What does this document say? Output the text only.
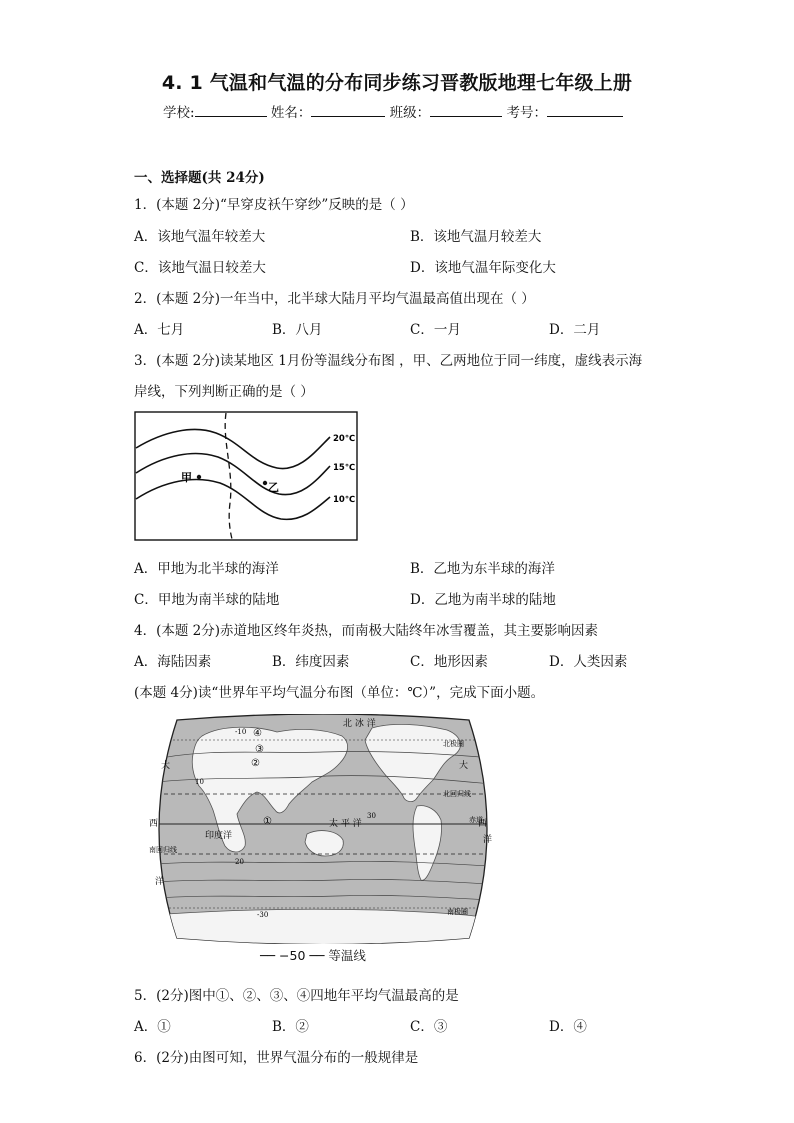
4. 1 气温和气温的分布同步练习晋教版地理七年级上册
学校:	姓名：	班级：	考号：
一、选择题(共 24分)
1．(本题 2分)“早穿皮袄午穿纱”反映的是（ ）
A．该地气温年较差大	B．该地气温月较差大
C．该地气温日较差大	D．该地气温年际变化大
2．(本题 2分)一年当中，北半球大陆月平均气温最高值出现在（ ）
A．七月	B．八月	C．一月	D．二月
3．(本题 2分)读某地区 1月份等温线分布图 ，甲、乙两地位于同一纬度，虚线表示海
岸线，下列判断正确的是（ ）
20℃
15℃
10℃
甲
乙
A．甲地为北半球的海洋	B．乙地为东半球的海洋
C．甲地为南半球的陆地	D．乙地为南半球的陆地
4．(本题 2分)赤道地区终年炎热，而南极大陆终年冰雪覆盖，其主要影响因素
A．海陆因素	B．纬度因素	C．地形因素	D．人类因素
(本题 4分)读“世界年平均气温分布图（单位：℃）”，完成下面小题。
北 冰 洋
太 平 洋
印度洋
大	大
西	西
洋
洋
北回归线
赤道
南回归线
北极圈
南极圈
-10
10
20
30
-30
④
③
②
①
── −50 ── 等温线
5．(2分)图中①、②、③、④四地年平均气温最高的是
A．①	B．②	C．③	D．④
6．(2分)由图可知，世界气温分布的一般规律是
